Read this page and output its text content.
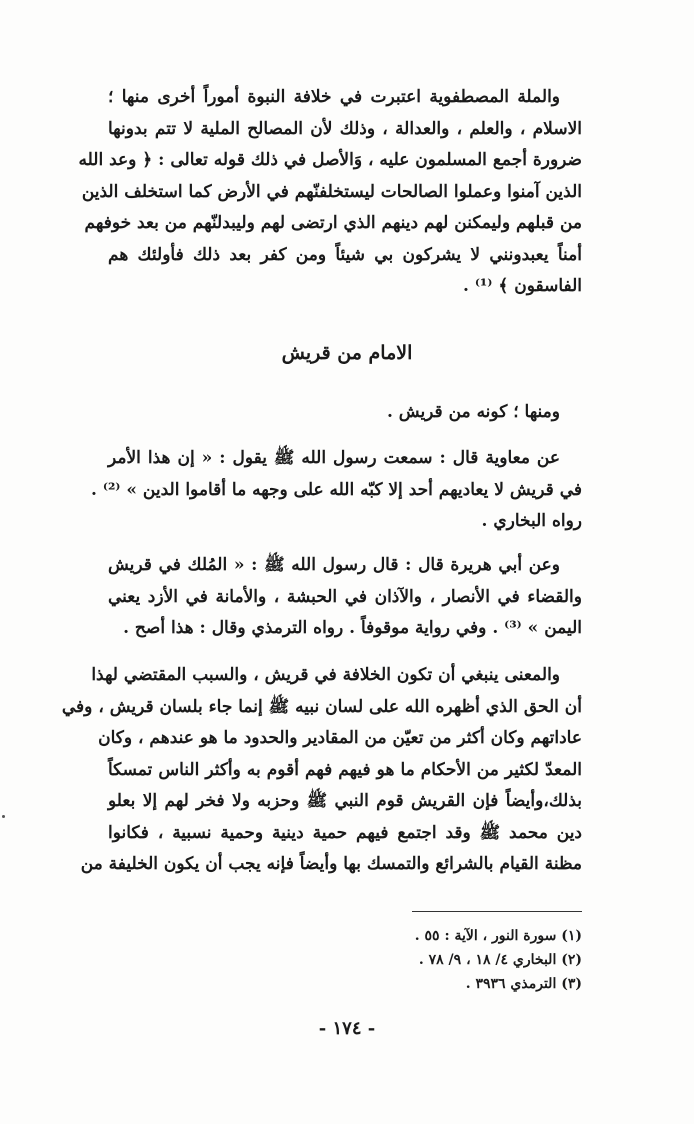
والملة المصطفوية اعتبرت في خلافة النبوة أموراً أخرى منها ؛
الاسلام ، والعلم ، والعدالة ، وذلك لأن المصالح الملية لا تتم بدونها
ضرورة أجمع المسلمون عليه ، وَالأصل في ذلك قوله تعالى : ﴿ وعد الله
الذين آمنوا وعملوا الصالحات ليستخلفنّهم في الأرض كما استخلف الذين
من قبلهم وليمكنن لهم دينهم الذي ارتضى لهم وليبدلنّهم من بعد خوفهم
أمناً يعبدونني لا يشركون بي شيئاً ومن كفر بعد ذلك فأولئك هم
الفاسقون ﴾ ⁽¹⁾ .
الامام من قريش
ومنها ؛ كونه من قريش .
عن معاوية قال : سمعت رسول الله ﷺ يقول : « إن هذا الأمر
في قريش لا يعاديهم أحد إلا كبّه الله على وجهه ما أقاموا الدين » ⁽²⁾ .
رواه البخاري .
وعن أبي هريرة قال : قال رسول الله ﷺ : « المُلك في قريش
والقضاء في الأنصار ، والآذان في الحبشة ، والأمانة في الأزد يعني
اليمن » ⁽³⁾ . وفي رواية موقوفاً . رواه الترمذي وقال : هذا أصح .
والمعنى ينبغي أن تكون الخلافة في قريش ، والسبب المقتضي لهذا
أن الحق الذي أظهره الله على لسان نبيه ﷺ إنما جاء بلسان قريش ، وفي
عاداتهم وكان أكثر من تعيّن من المقادير والحدود ما هو عندهم ، وكان
المعدّ لكثير من الأحكام ما هو فيهم فهم أقوم به وأكثر الناس تمسكاً
بذلك،وأيضاً فإن القريش قوم النبي ﷺ وحزبه ولا فخر لهم إلا بعلو
دين محمد ﷺ وقد اجتمع فيهم حمية دينية وحمية نسبية ، فكانوا
مظنة القيام بالشرائع والتمسك بها وأيضاً فإنه يجب أن يكون الخليفة من
(١) سورة النور ، الآية : ٥٥ .
(٢) البخاري ٤/ ١٨ ، ٩/ ٧٨ .
(٣) الترمذي ٣٩٣٦ .
- ١٧٤ -
